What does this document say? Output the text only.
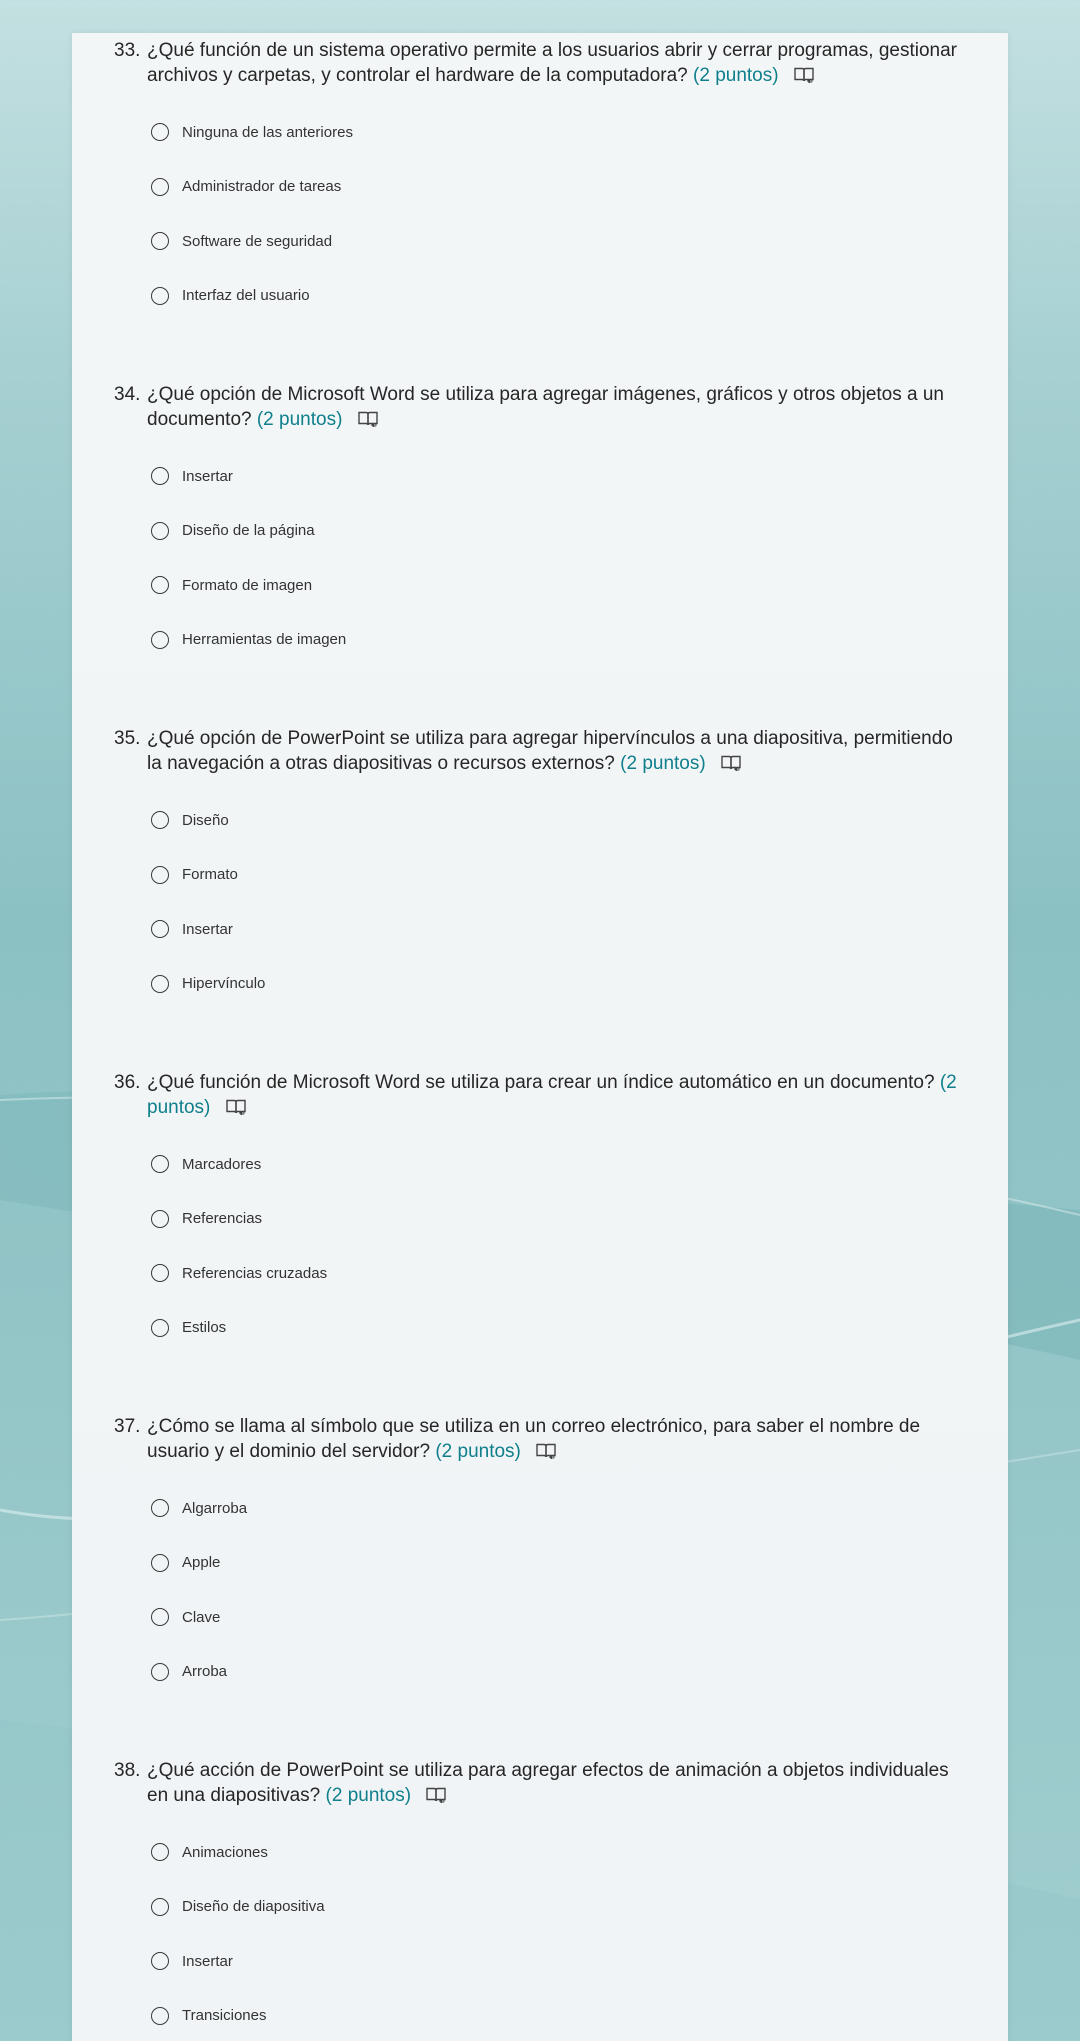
33. ¿Qué función de un sistema operativo permite a los usuarios abrir y cerrar programas, gestionar archivos y carpetas, y controlar el hardware de la computadora? (2 puntos)
Ninguna de las anteriores
Administrador de tareas
Software de seguridad
Interfaz del usuario
34. ¿Qué opción de Microsoft Word se utiliza para agregar imágenes, gráficos y otros objetos a un documento? (2 puntos)
Insertar
Diseño de la página
Formato de imagen
Herramientas de imagen
35. ¿Qué opción de PowerPoint se utiliza para agregar hipervínculos a una diapositiva, permitiendo la navegación a otras diapositivas o recursos externos? (2 puntos)
Diseño
Formato
Insertar
Hipervínculo
36. ¿Qué función de Microsoft Word se utiliza para crear un índice automático en un documento? (2 puntos)
Marcadores
Referencias
Referencias cruzadas
Estilos
37. ¿Cómo se llama al símbolo que se utiliza en un correo electrónico, para saber el nombre de usuario y el dominio del servidor? (2 puntos)
Algarroba
Apple
Clave
Arroba
38. ¿Qué acción de PowerPoint se utiliza para agregar efectos de animación a objetos individuales en una diapositivas? (2 puntos)
Animaciones
Diseño de diapositiva
Insertar
Transiciones
